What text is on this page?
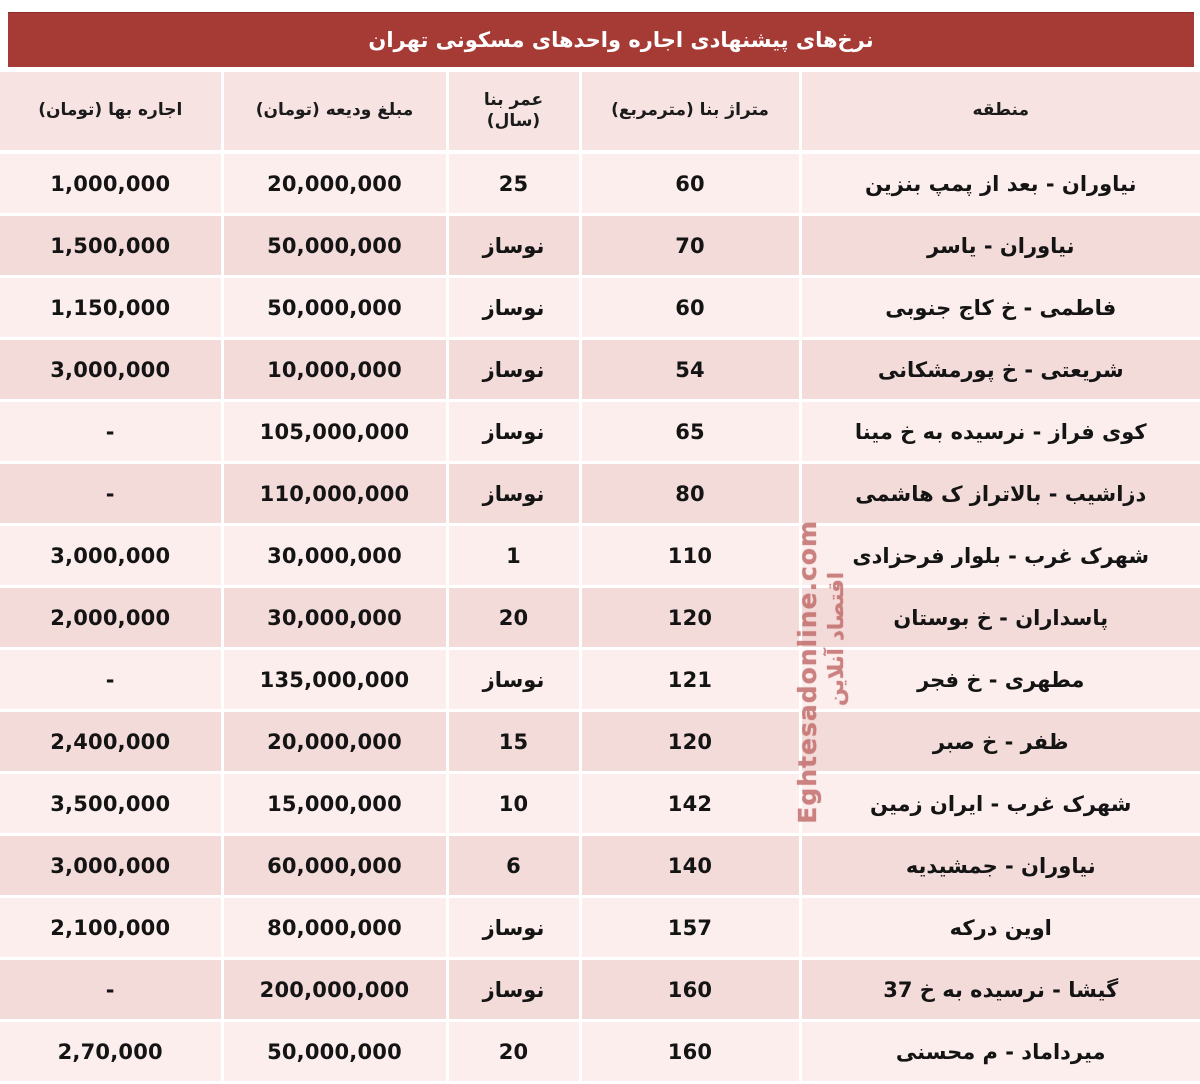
نرخ‌های پیشنهادی اجاره واحدهای مسکونی تهران
منطقه	متراژ بنا (مترمربع)	عمر بنا (سال)	مبلغ ودیعه (تومان)	اجاره بها (تومان)
نیاوران - بعد از پمپ بنزین	60	25	20,000,000	1,000,000
نیاوران - یاسر	70	نوساز	50,000,000	1,500,000
فاطمی - خ کاج جنوبی	60	نوساز	50,000,000	1,150,000
شریعتی - خ پورمشکانی	54	نوساز	10,000,000	3,000,000
کوی فراز - نرسیده به خ مینا	65	نوساز	105,000,000	-
دزاشیب - بالاتراز ک هاشمی	80	نوساز	110,000,000	-
شهرک غرب - بلوار فرحزادی	110	1	30,000,000	3,000,000
پاسداران - خ بوستان	120	20	30,000,000	2,000,000
مطهری - خ فجر	121	نوساز	135,000,000	-
ظفر - خ صبر	120	15	20,000,000	2,400,000
شهرک غرب - ایران زمین	142	10	15,000,000	3,500,000
نیاوران - جمشیدیه	140	6	60,000,000	3,000,000
اوین درکه	157	نوساز	80,000,000	2,100,000
گیشا - نرسیده به خ 37	160	نوساز	200,000,000	-
میرداماد - م محسنی	160	20	50,000,000	2,70,000
اقتصاد آنلاین
Eghtesadonline.com
